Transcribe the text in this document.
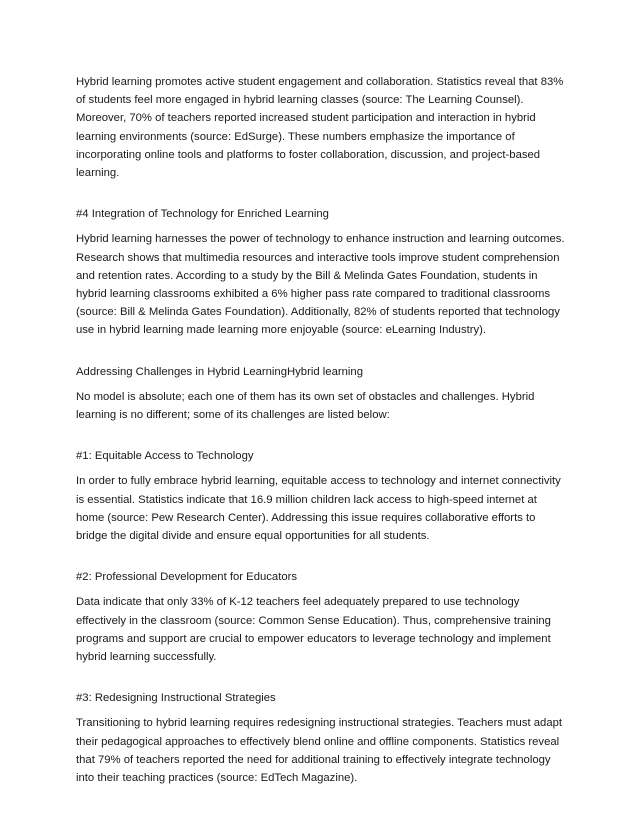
Hybrid learning promotes active student engagement and collaboration. Statistics reveal that 83% of students feel more engaged in hybrid learning classes (source: The Learning Counsel). Moreover, 70% of teachers reported increased student participation and interaction in hybrid learning environments (source: EdSurge). These numbers emphasize the importance of incorporating online tools and platforms to foster collaboration, discussion, and project-based learning.

#4 Integration of Technology for Enriched Learning

Hybrid learning harnesses the power of technology to enhance instruction and learning outcomes. Research shows that multimedia resources and interactive tools improve student comprehension and retention rates. According to a study by the Bill & Melinda Gates Foundation, students in hybrid learning classrooms exhibited a 6% higher pass rate compared to traditional classrooms (source: Bill & Melinda Gates Foundation). Additionally, 82% of students reported that technology use in hybrid learning made learning more enjoyable (source: eLearning Industry).

Addressing Challenges in Hybrid LearningHybrid learning

No model is absolute; each one of them has its own set of obstacles and challenges. Hybrid learning is no different; some of its challenges are listed below:

#1: Equitable Access to Technology

In order to fully embrace hybrid learning, equitable access to technology and internet connectivity is essential. Statistics indicate that 16.9 million children lack access to high-speed internet at home (source: Pew Research Center). Addressing this issue requires collaborative efforts to bridge the digital divide and ensure equal opportunities for all students.

#2: Professional Development for Educators

Data indicate that only 33% of K-12 teachers feel adequately prepared to use technology effectively in the classroom (source: Common Sense Education). Thus, comprehensive training programs and support are crucial to empower educators to leverage technology and implement hybrid learning successfully.

#3: Redesigning Instructional Strategies

Transitioning to hybrid learning requires redesigning instructional strategies. Teachers must adapt their pedagogical approaches to effectively blend online and offline components. Statistics reveal that 79% of teachers reported the need for additional training to effectively integrate technology into their teaching practices (source: EdTech Magazine).
